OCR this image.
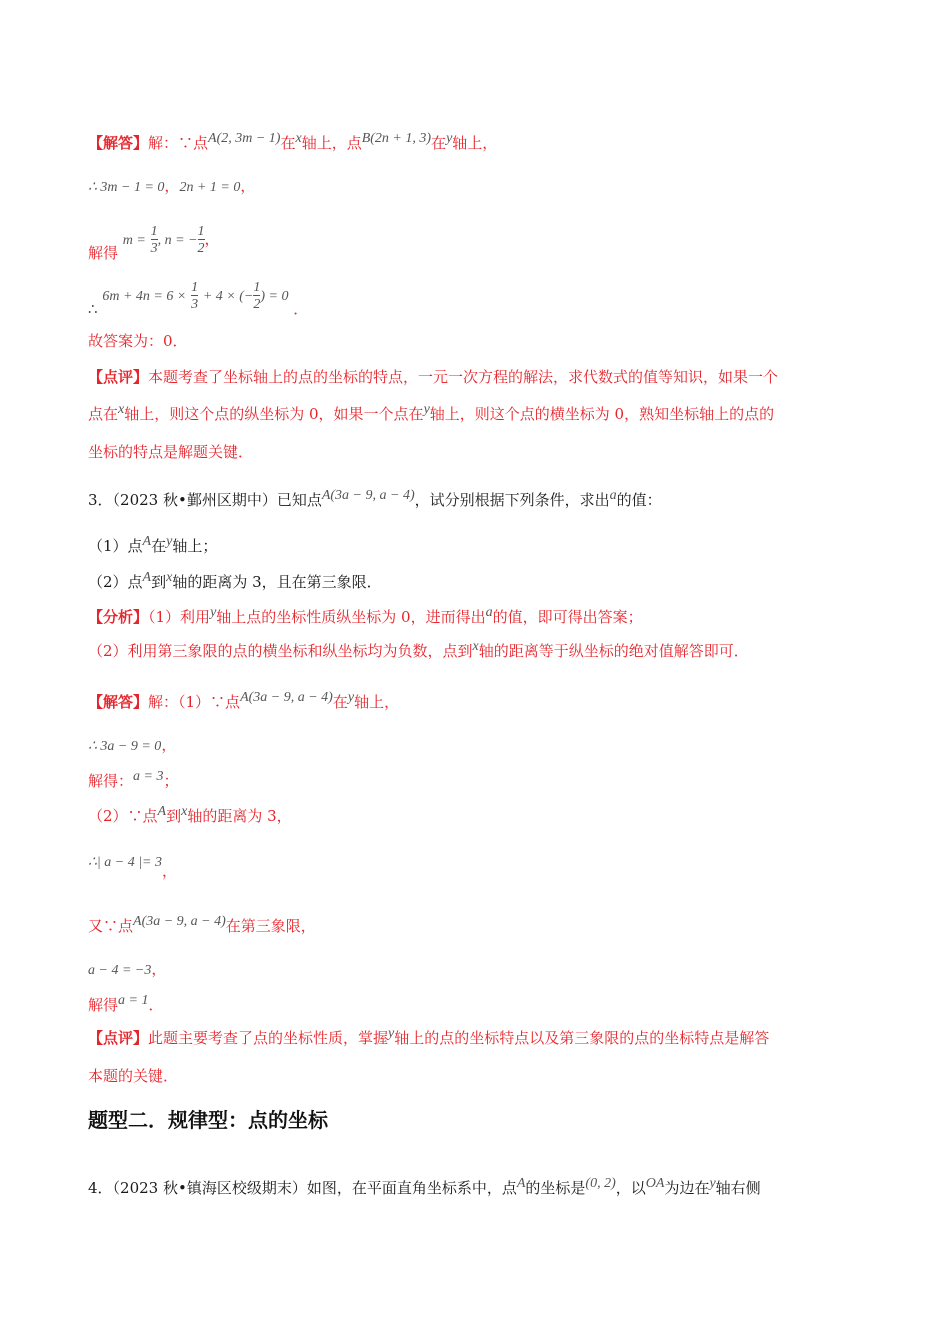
【解答】解：∵点A(2, 3m − 1)在x轴上，点B(2n + 1, 3)在y轴上，
∴ 3m − 1 = 0，2n + 1 = 0，
解得 $m = \frac{1}{3}$ , n = − $\frac{1}{2}$ ，
∴ $6m + 4n = 6 \times \frac{1}{3} + 4$ × (− $\frac{1}{2}$ ) = 0 ．
故答案为：0．
【点评】本题考查了坐标轴上的点的坐标的特点，一元一次方程的解法，求代数式的值等知识，如果一个
点在x轴上，则这个点的纵坐标为 0，如果一个点在y轴上，则这个点的横坐标为 0，熟知坐标轴上的点的
坐标的特点是解题关键．
3．（2023 秋•鄞州区期中）已知点A(3a − 9, a − 4)，试分别根据下列条件，求出a的值：
（1）点A在y轴上；
（2）点A到x轴的距离为 3，且在第三象限．
【分析】（1）利用y轴上点的坐标性质纵坐标为 0，进而得出a的值，即可得出答案；
（2）利用第三象限的点的横坐标和纵坐标均为负数，点到x轴的距离等于纵坐标的绝对值解答即可．
【解答】解：（1）∵点A(3a − 9, a − 4)在y轴上，
∴ 3a − 9 = 0，
解得：a = 3；
（2）∵点A到x轴的距离为 3，
∴| a − 4 |= 3，
又∵点A(3a − 9, a − 4)在第三象限，
a − 4 = −3，
解得a = 1．
【点评】此题主要考查了点的坐标性质，掌握y轴上的点的坐标特点以及第三象限的点的坐标特点是解答
本题的关键．
题型二．规律型：点的坐标
4．（2023 秋•镇海区校级期末）如图，在平面直角坐标系中，点A的坐标是(0, 2)，以OA为边在y轴右侧
